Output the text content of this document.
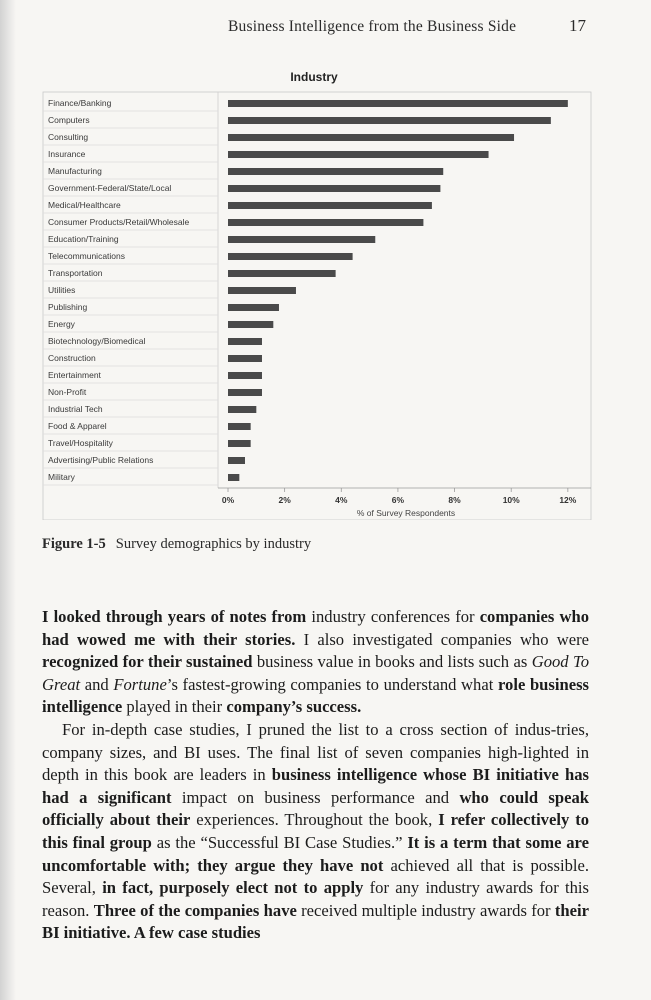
Business Intelligence from the Business Side	17
Industry
Finance/Banking
Computers
Consulting
Insurance
Manufacturing
Government-Federal/State/Local
Medical/Healthcare
Consumer Products/Retail/Wholesale
Education/Training
Telecommunications
Transportation
Utilities
Publishing
Energy
Biotechnology/Biomedical
Construction
Entertainment
Non-Profit
Industrial Tech
Food & Apparel
Travel/Hospitality
Advertising/Public Relations
Military
0%	2%	4%	6%	8%	10%	12%
% of Survey Respondents
Figure 1-5 Survey demographics by industry

I looked through years of notes from industry conferences for companies who had wowed me with their stories. I also investigated companies who were recognized for their sustained business value in books and lists such as Good To Great and Fortune’s fastest-growing companies to understand what role business intelligence played in their company’s success.

For in-depth case studies, I pruned the list to a cross section of indus-tries, company sizes, and BI uses. The final list of seven companies high-lighted in depth in this book are leaders in business intelligence whose BI initiative has had a significant impact on business performance and who could speak officially about their experiences. Throughout the book, I refer collectively to this final group as the “Successful BI Case Studies.” It is a term that some are uncomfortable with; they argue they have not achieved all that is possible. Several, in fact, purposely elect not to apply for any industry awards for this reason. Three of the companies have received multiple industry awards for their BI initiative. A few case studies
